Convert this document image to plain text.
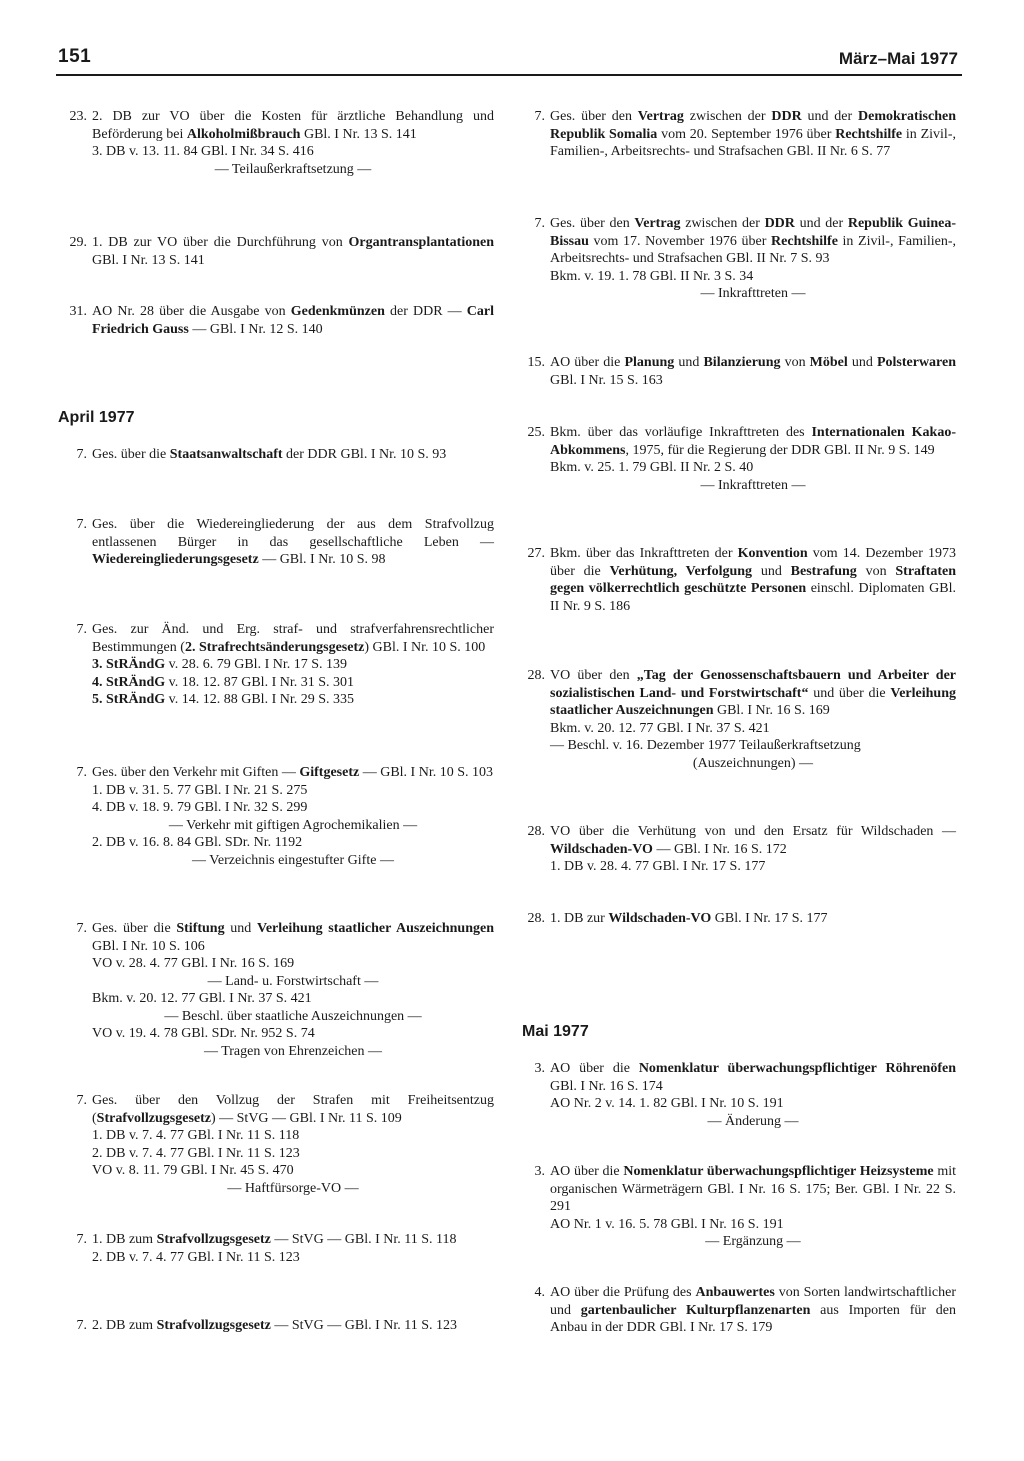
151	März–Mai 1977
23. 2. DB zur VO über die Kosten für ärztliche Behandlung und Beförderung bei Alkoholmißbrauch GBl. I Nr. 13 S. 141
3. DB v. 13. 11. 84 GBl. I Nr. 34 S. 416
— Teilaußerkraftsetzung —
29. 1. DB zur VO über die Durchführung von Organtransplantationen GBl. I Nr. 13 S. 141
31. AO Nr. 28 über die Ausgabe von Gedenkmünzen der DDR — Carl Friedrich Gauss — GBl. I Nr. 12 S. 140
April 1977
7. Ges. über die Staatsanwaltschaft der DDR GBl. I Nr. 10 S. 93
7. Ges. über die Wiedereingliederung der aus dem Strafvollzug entlassenen Bürger in das gesellschaftliche Leben — Wiedereingliederungsgesetz — GBl. I Nr. 10 S. 98
7. Ges. zur Änd. und Erg. straf- und strafverfahrensrechtlicher Bestimmungen (2. Strafrechtsänderungsgesetz) GBl. I Nr. 10 S. 100
3. StRÄndG v. 28. 6. 79 GBl. I Nr. 17 S. 139
4. StRÄndG v. 18. 12. 87 GBl. I Nr. 31 S. 301
5. StRÄndG v. 14. 12. 88 GBl. I Nr. 29 S. 335
7. Ges. über den Verkehr mit Giften — Giftgesetz — GBl. I Nr. 10 S. 103
1. DB v. 31. 5. 77 GBl. I Nr. 21 S. 275
4. DB v. 18. 9. 79 GBl. I Nr. 32 S. 299
— Verkehr mit giftigen Agrochemikalien —
2. DB v. 16. 8. 84 GBl. SDr. Nr. 1192
— Verzeichnis eingestufter Gifte —
7. Ges. über die Stiftung und Verleihung staatlicher Auszeichnungen GBl. I Nr. 10 S. 106
VO v. 28. 4. 77 GBl. I Nr. 16 S. 169
— Land- u. Forstwirtschaft —
Bkm. v. 20. 12. 77 GBl. I Nr. 37 S. 421
— Beschl. über staatliche Auszeichnungen —
VO v. 19. 4. 78 GBl. SDr. Nr. 952 S. 74
— Tragen von Ehrenzeichen —
7. Ges. über den Vollzug der Strafen mit Freiheitsentzug (Strafvollzugsgesetz) — StVG — GBl. I Nr. 11 S. 109
1. DB v. 7. 4. 77 GBl. I Nr. 11 S. 118
2. DB v. 7. 4. 77 GBl. I Nr. 11 S. 123
VO v. 8. 11. 79 GBl. I Nr. 45 S. 470
— Haftfürsorge-VO —
7. 1. DB zum Strafvollzugsgesetz — StVG — GBl. I Nr. 11 S. 118
2. DB v. 7. 4. 77 GBl. I Nr. 11 S. 123
7. 2. DB zum Strafvollzugsgesetz — StVG — GBl. I Nr. 11 S. 123
7. Ges. über den Vertrag zwischen der DDR und der Demokratischen Republik Somalia vom 20. September 1976 über Rechtshilfe in Zivil-, Familien-, Arbeitsrechts- und Strafsachen GBl. II Nr. 6 S. 77
7. Ges. über den Vertrag zwischen der DDR und der Republik Guinea-Bissau vom 17. November 1976 über Rechtshilfe in Zivil-, Familien-, Arbeitsrechts- und Strafsachen GBl. II Nr. 7 S. 93
Bkm. v. 19. 1. 78 GBl. II Nr. 3 S. 34
— Inkrafttreten —
15. AO über die Planung und Bilanzierung von Möbel und Polsterwaren GBl. I Nr. 15 S. 163
25. Bkm. über das vorläufige Inkrafttreten des Internationalen Kakao-Abkommens, 1975, für die Regierung der DDR GBl. II Nr. 9 S. 149
Bkm. v. 25. 1. 79 GBl. II Nr. 2 S. 40
— Inkrafttreten —
27. Bkm. über das Inkrafttreten der Konvention vom 14. Dezember 1973 über die Verhütung, Verfolgung und Bestrafung von Straftaten gegen völkerrechtlich geschützte Personen einschl. Diplomaten GBl. II Nr. 9 S. 186
28. VO über den „Tag der Genossenschaftsbauern und Arbeiter der sozialistischen Land- und Forstwirtschaft“ und über die Verleihung staatlicher Auszeichnungen GBl. I Nr. 16 S. 169
Bkm. v. 20. 12. 77 GBl. I Nr. 37 S. 421
— Beschl. v. 16. Dezember 1977 Teilaußerkraftsetzung
(Auszeichnungen) —
28. VO über die Verhütung von und den Ersatz für Wildschaden — Wildschaden-VO — GBl. I Nr. 16 S. 172
1. DB v. 28. 4. 77 GBl. I Nr. 17 S. 177
28. 1. DB zur Wildschaden-VO GBl. I Nr. 17 S. 177
Mai 1977
3. AO über die Nomenklatur überwachungspflichtiger Röhrenöfen GBl. I Nr. 16 S. 174
AO Nr. 2 v. 14. 1. 82 GBl. I Nr. 10 S. 191
— Änderung —
3. AO über die Nomenklatur überwachungspflichtiger Heizsysteme mit organischen Wärmeträgern GBl. I Nr. 16 S. 175; Ber. GBl. I Nr. 22 S. 291
AO Nr. 1 v. 16. 5. 78 GBl. I Nr. 16 S. 191
— Ergänzung —
4. AO über die Prüfung des Anbauwertes von Sorten landwirtschaftlicher und gartenbaulicher Kulturpflanzenarten aus Importen für den Anbau in der DDR GBl. I Nr. 17 S. 179
